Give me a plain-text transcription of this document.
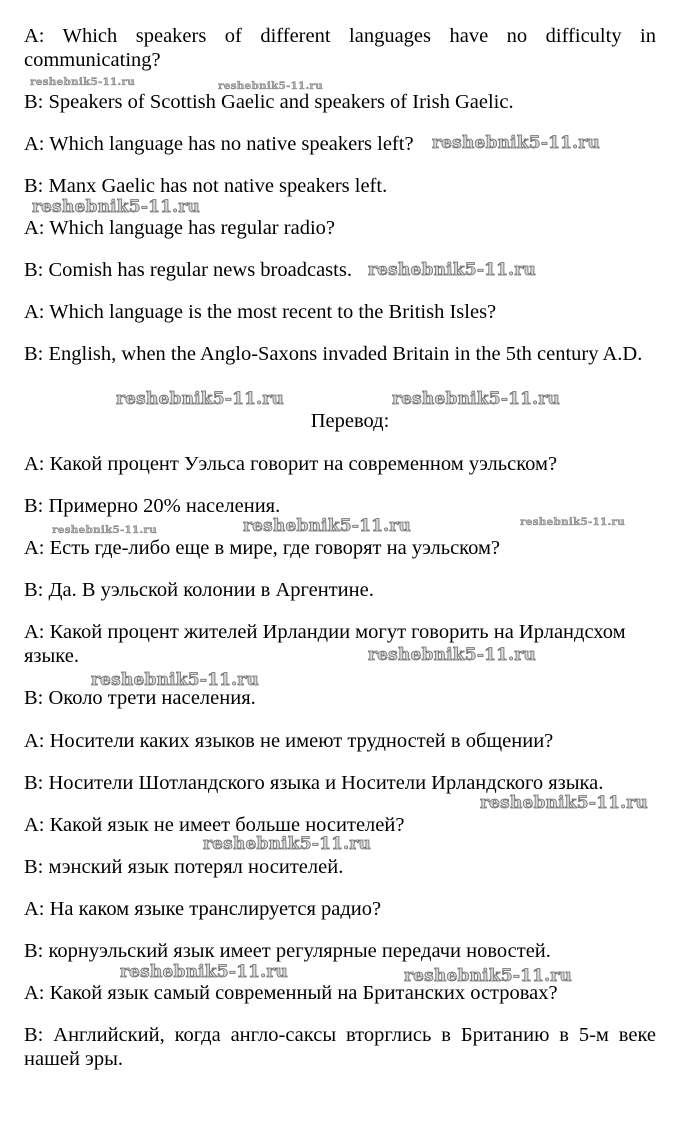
A: Which speakers of different languages have no difficulty in communicating?

B: Speakers of Scottish Gaelic and speakers of Irish Gaelic.

A: Which language has no native speakers left?

B: Manx Gaelic has not native speakers left.

A: Which language has regular radio?

B: Comish has regular news broadcasts.

A: Which language is the most recent to the British Isles?

B: English, when the Anglo-Saxons invaded Britain in the 5th century A.D.

Перевод:

A: Какой процент Уэльса говорит на современном уэльском?

B: Примерно 20% населения.

A: Есть где-либо еще в мире, где говорят на уэльском?

B: Да. В уэльской колонии в Аргентине.

A: Какой процент жителей Ирландии могут говорить на Ирландсхом языке.

B: Около трети населения.

A: Носители каких языков не имеют трудностей в общении?

B: Носители Шотландского языка и Носители Ирландского языка.

A: Какой язык не имеет больше носителей?

B: мэнский язык потерял носителей.

A: На каком языке транслируется радио?

B: корнуэльский язык имеет регулярные передачи новостей.

A: Какой язык самый современный на Британских островах?

B: Английский, когда англо-саксы вторглись в Британию в 5-м веке нашей эры.

reshebnik5-11.ru	reshebnik5-11.ru
reshebnik5-11.ru
reshebnik5-11.ru
reshebnik5-11.ru
reshebnik5-11.ru	reshebnik5-11.ru
reshebnik5-11.ru	reshebnik5-11.ru	reshebnik5-11.ru
reshebnik5-11.ru
reshebnik5-11.ru
reshebnik5-11.ru
reshebnik5-11.ru
reshebnik5-11.ru	reshebnik5-11.ru
